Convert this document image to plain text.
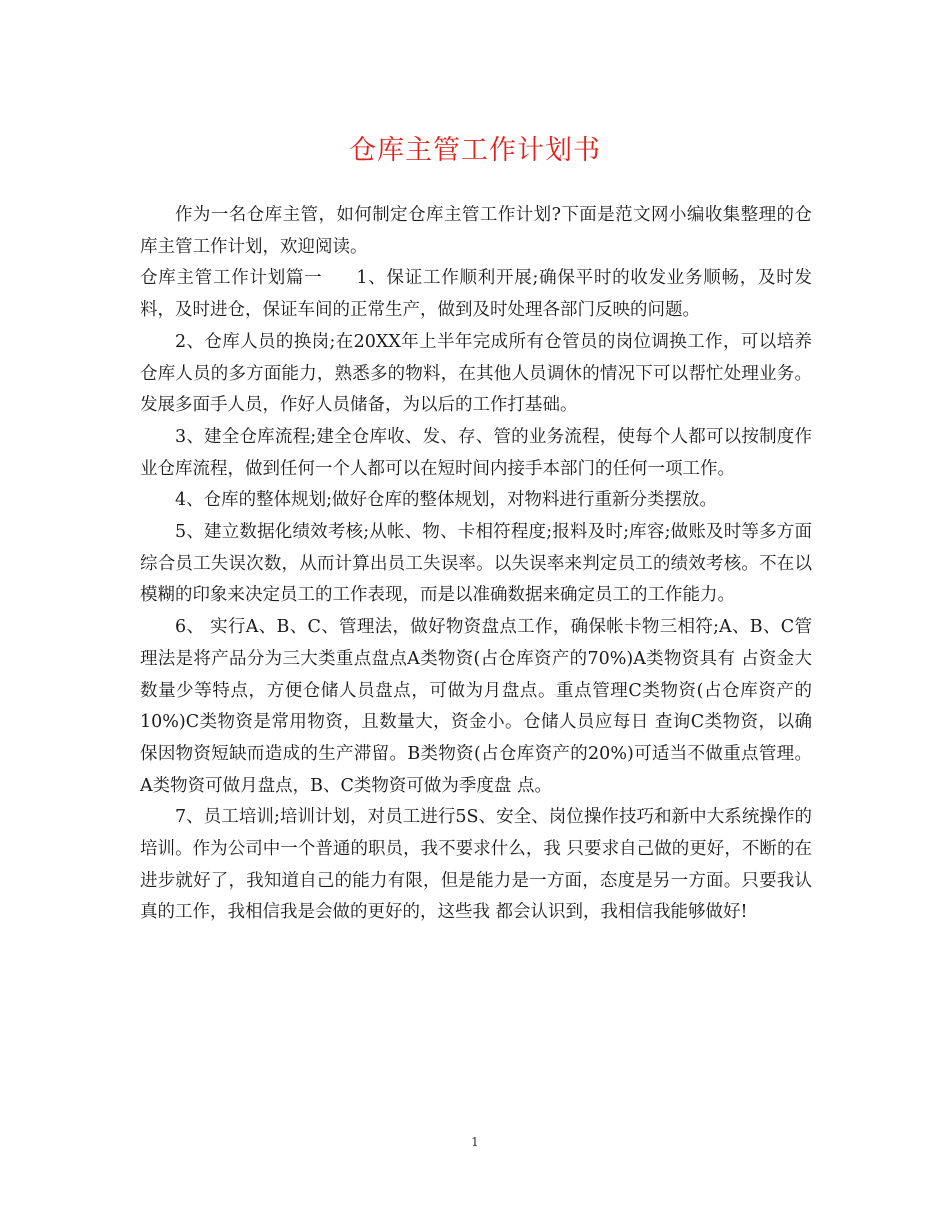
仓库主管工作计划书

作为一名仓库主管，如何制定仓库主管工作计划?下面是范文网小编收集整理的仓库主管工作计划，欢迎阅读。

仓库主管工作计划篇一 1、保证工作顺利开展;确保平时的收发业务顺畅，及时发料，及时进仓，保证车间的正常生产，做到及时处理各部门反映的问题。

2、仓库人员的换岗;在20XX年上半年完成所有仓管员的岗位调换工作，可以培养仓库人员的多方面能力，熟悉多的物料，在其他人员调休的情况下可以帮忙处理业务。发展多面手人员，作好人员储备，为以后的工作打基础。

3、建全仓库流程;建全仓库收、发、存、管的业务流程，使每个人都可以按制度作业仓库流程，做到任何一个人都可以在短时间内接手本部门的任何一项工作。

4、仓库的整体规划;做好仓库的整体规划，对物料进行重新分类摆放。

5、建立数据化绩效考核;从帐、物、卡相符程度;报料及时;库容;做账及时等多方面综合员工失误次数，从而计算出员工失误率。以失误率来判定员工的绩效考核。不在以模糊的印象来决定员工的工作表现，而是以准确数据来确定员工的工作能力。

6、 实行A、B、C、管理法，做好物资盘点工作，确保帐卡物三相符;A、B、C管理法是将产品分为三大类重点盘点A类物资(占仓库资产的70%)A类物资具有 占资金大数量少等特点，方便仓储人员盘点，可做为月盘点。重点管理C类物资(占仓库资产的10%)C类物资是常用物资，且数量大，资金小。仓储人员应每日 查询C类物资，以确保因物资短缺而造成的生产滞留。B类物资(占仓库资产的20%)可适当不做重点管理。A类物资可做月盘点，B、C类物资可做为季度盘 点。

7、员工培训;培训计划，对员工进行5S、安全、岗位操作技巧和新中大系统操作的培训。作为公司中一个普通的职员，我不要求什么，我 只要求自己做的更好，不断的在进步就好了，我知道自己的能力有限，但是能力是一方面，态度是另一方面。只要我认真的工作，我相信我是会做的更好的，这些我 都会认识到，我相信我能够做好!

1
